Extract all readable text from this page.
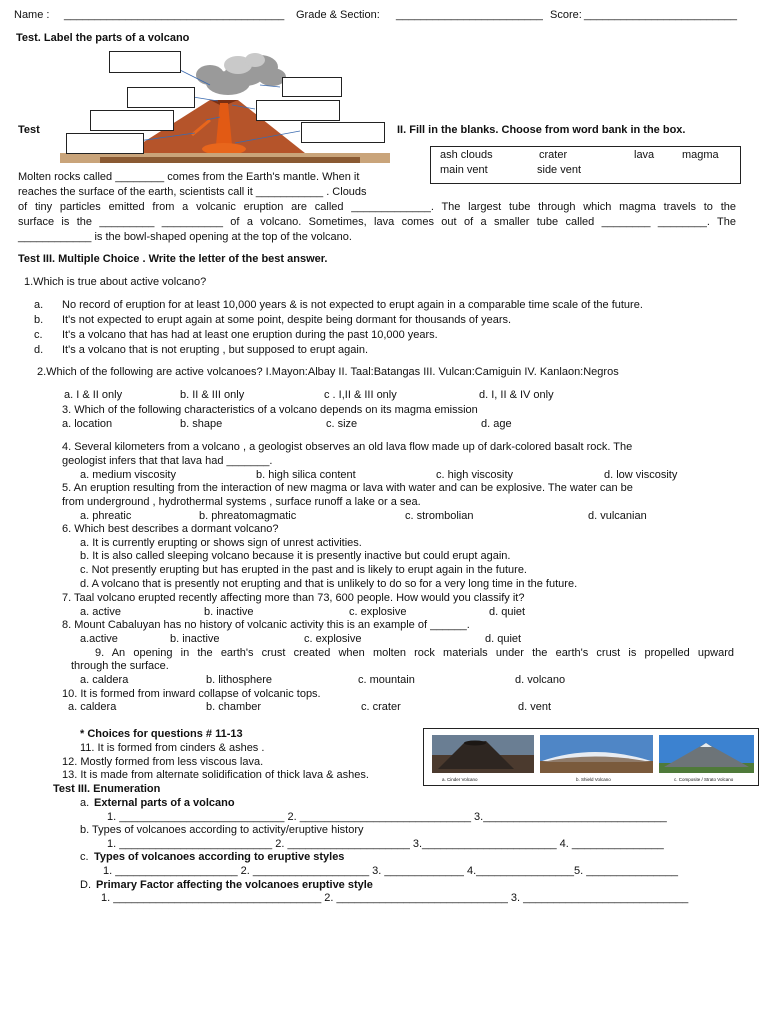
Name : ____________________________________ Grade & Section: ________________________ Score: _________________________
Test. Label the parts of a volcano
Test	II. Fill in the blanks. Choose from word bank in the box.
ash clouds	crater	lava	magma
main vent	side vent
Molten rocks called ________ comes from the Earth's mantle. When it
reaches the surface of the earth, scientists call it ___________ . Clouds
of tiny particles emitted from a volcanic eruption are called _____________. The largest tube through which magma travels to the
surface is the _________ __________ of a volcano. Sometimes, lava comes out of a smaller tube called ________ ________. The
____________ is the bowl-shaped opening at the top of the volcano.
Test III. Multiple Choice . Write the letter of the best answer.
1.Which is true about active volcano?
a. No record of eruption for at least 10,000 years & is not expected to erupt again in a comparable time scale of the future.
b. It's not expected to erupt again at some point, despite being dormant for thousands of years.
c. It's a volcano that has had at least one eruption during the past 10,000 years.
d. It's a volcano that is not erupting , but supposed to erupt again.
2.Which of the following are active volcanoes? I.Mayon:Albay II. Taal:Batangas III. Vulcan:Camiguin IV. Kanlaon:Negros
a. I & II only	b. II & III only	c . I,II & III only	d. I, II & IV only
3. Which of the following characteristics of a volcano depends on its magma emission
a. location	b. shape	c. size	d. age
4. Several kilometers from a volcano , a geologist observes an old lava flow made up of dark-colored basalt rock. The
geologist infers that that lava had _______.
a. medium viscosity	b. high silica content	c. high viscosity	d. low viscosity
5. An eruption resulting from the interaction of new magma or lava with water and can be explosive. The water can be
from underground , hydrothermal systems , surface runoff a lake or a sea.
a. phreatic	b. phreatomagmatic	c. strombolian	d. vulcanian
6. Which best describes a dormant volcano?
a. It is currently erupting or shows sign of unrest activities.
b. It is also called sleeping volcano because it is presently inactive but could erupt again.
c. Not presently erupting but has erupted in the past and is likely to erupt again in the future.
d. A volcano that is presently not erupting and that is unlikely to do so for a very long time in the future.
7. Taal volcano erupted recently affecting more than 73, 600 people. How would you classify it?
a. active	b. inactive	c. explosive	d. quiet
8. Mount Cabaluyan has no history of volcanic activity this is an example of ______.
a.active	b. inactive	c. explosive	d. quiet
9. An opening in the earth's crust created when molten rock materials under the earth's crust is propelled upward
through the surface.
a. caldera	b. lithosphere	c. mountain	d. volcano
10. It is formed from inward collapse of volcanic tops.
a. caldera	b. chamber	c. crater	d. vent
* Choices for questions # 11-13
11. It is formed from cinders & ashes .
12. Mostly formed from less viscous lava.
13. It is made from alternate solidification of thick lava & ashes.	a. Cinder Volcano	b. Shield Volcano	c. Composite / Strato Volcano
Test III. Enumeration
a. External parts of a volcano
1. ___________________________ 2. ____________________________ 3.______________________________
b. Types of volcanoes according to activity/eruptive history
1. _________________________ 2. ____________________ 3.______________________ 4. _______________
c. Types of volcanoes according to eruptive styles
1. ____________________ 2. ___________________ 3. _____________ 4.________________5. _______________
D. Primary Factor affecting the volcanoes eruptive style
1. __________________________________ 2. ____________________________ 3. ___________________________
